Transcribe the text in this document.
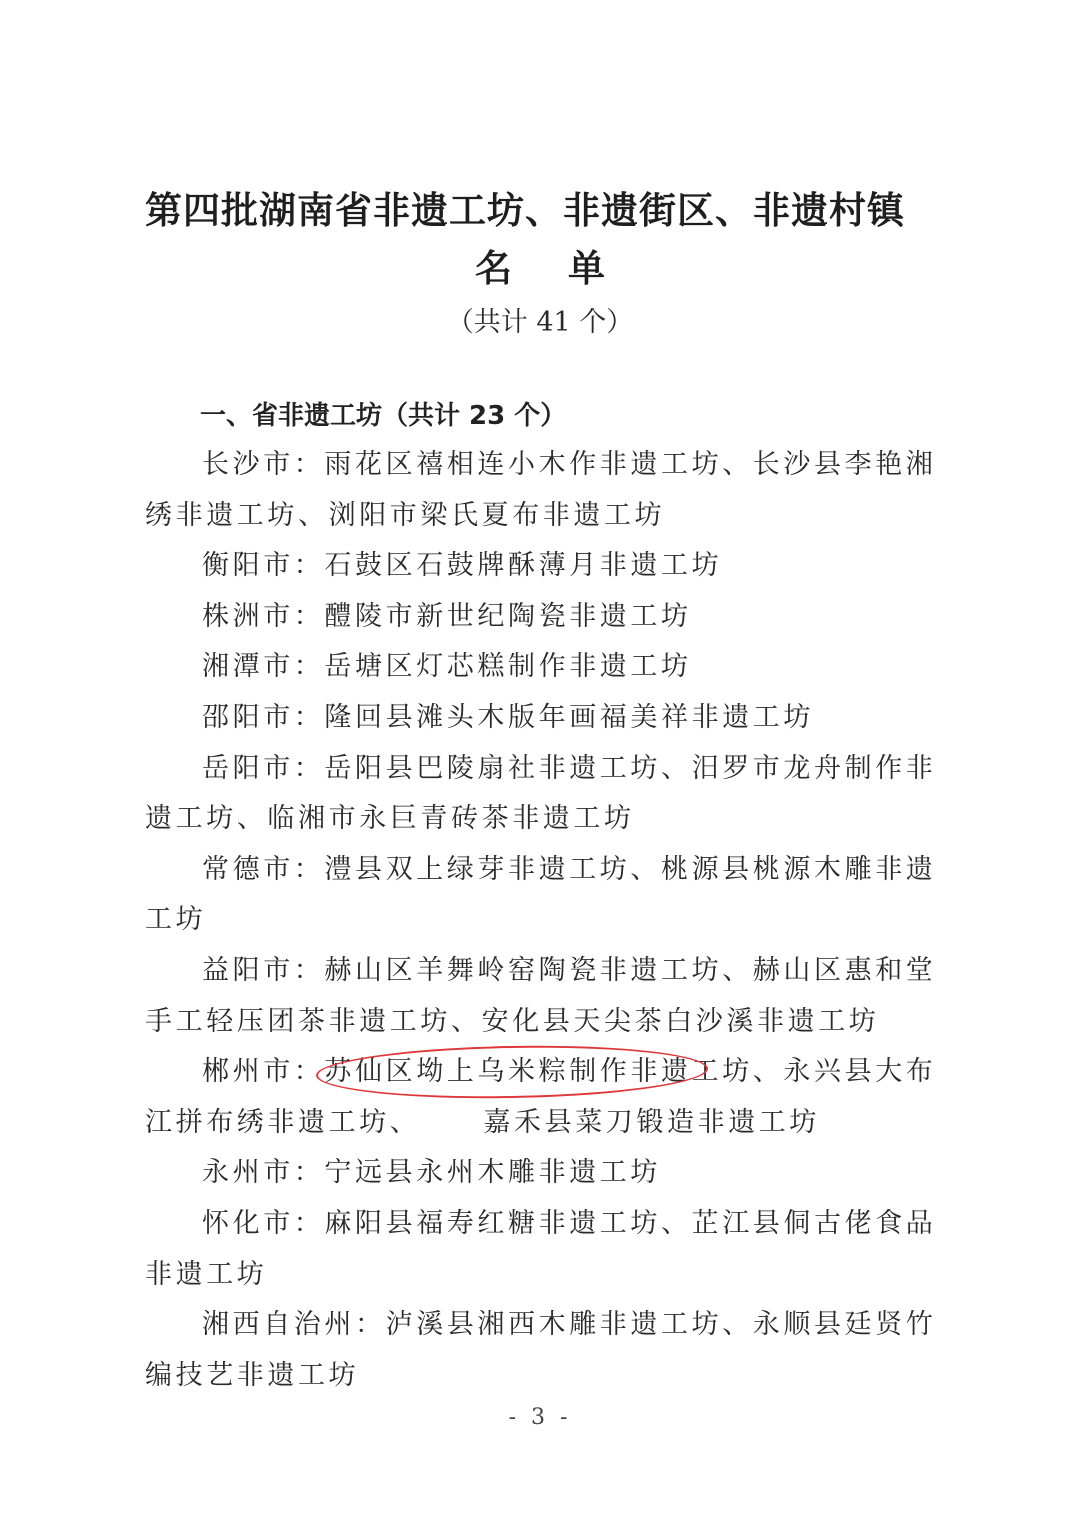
第四批湖南省非遗工坊、非遗街区、非遗村镇
名单
（共计 41 个）
一、省非遗工坊（共计 23 个）

长沙市：雨花区禧相连小木作非遗工坊、长沙县李艳湘绣非遗工坊、浏阳市梁氏夏布非遗工坊

衡阳市：石鼓区石鼓牌酥薄月非遗工坊

株洲市：醴陵市新世纪陶瓷非遗工坊

湘潭市：岳塘区灯芯糕制作非遗工坊

邵阳市：隆回县滩头木版年画福美祥非遗工坊

岳阳市：岳阳县巴陵扇社非遗工坊、汨罗市龙舟制作非遗工坊、临湘市永巨青砖茶非遗工坊

常德市：澧县双上绿芽非遗工坊、桃源县桃源木雕非遗工坊

益阳市：赫山区羊舞岭窑陶瓷非遗工坊、赫山区惠和堂手工轻压团茶非遗工坊、安化县天尖茶白沙溪非遗工坊

郴州市：苏仙区坳上乌米粽制作非遗工坊、永兴县大布江拼布绣非遗工坊、 嘉禾县菜刀锻造非遗工坊

永州市：宁远县永州木雕非遗工坊

怀化市：麻阳县福寿红糖非遗工坊、芷江县侗古佬食品非遗工坊

湘西自治州：泸溪县湘西木雕非遗工坊、永顺县廷贤竹编技艺非遗工坊

- 3 -
